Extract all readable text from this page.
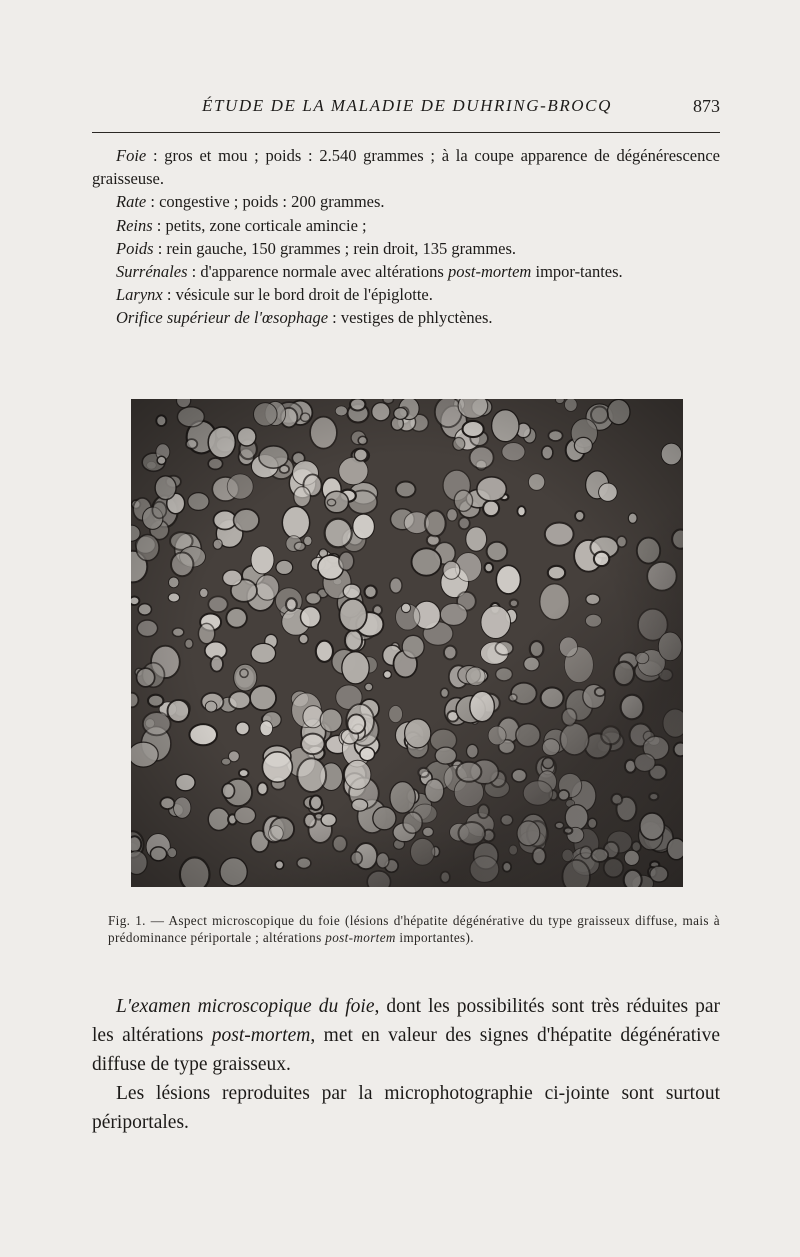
ÉTUDE DE LA MALADIE DE DUHRING-BROCQ	873

Foie : gros et mou ; poids : 2.540 grammes ; à la coupe apparence de dégénérescence graisseuse.

Rate : congestive ; poids : 200 grammes.

Reins : petits, zone corticale amincie ;

Poids : rein gauche, 150 grammes ; rein droit, 135 grammes.

Surrénales : d'apparence normale avec altérations post-mortem impor-tantes.

Larynx : vésicule sur le bord droit de l'épiglotte.

Orifice supérieur de l'œsophage : vestiges de phlyctènes.

Fig. 1. — Aspect microscopique du foie (lésions d'hépatite dégénérative du type graisseux diffuse, mais à prédominance périportale ; altérations post-mortem importantes).

L'examen microscopique du foie, dont les possibilités sont très réduites par les altérations post-mortem, met en valeur des signes d'hépatite dégénérative diffuse de type graisseux.

Les lésions reproduites par la microphotographie ci-jointe sont surtout périportales.
